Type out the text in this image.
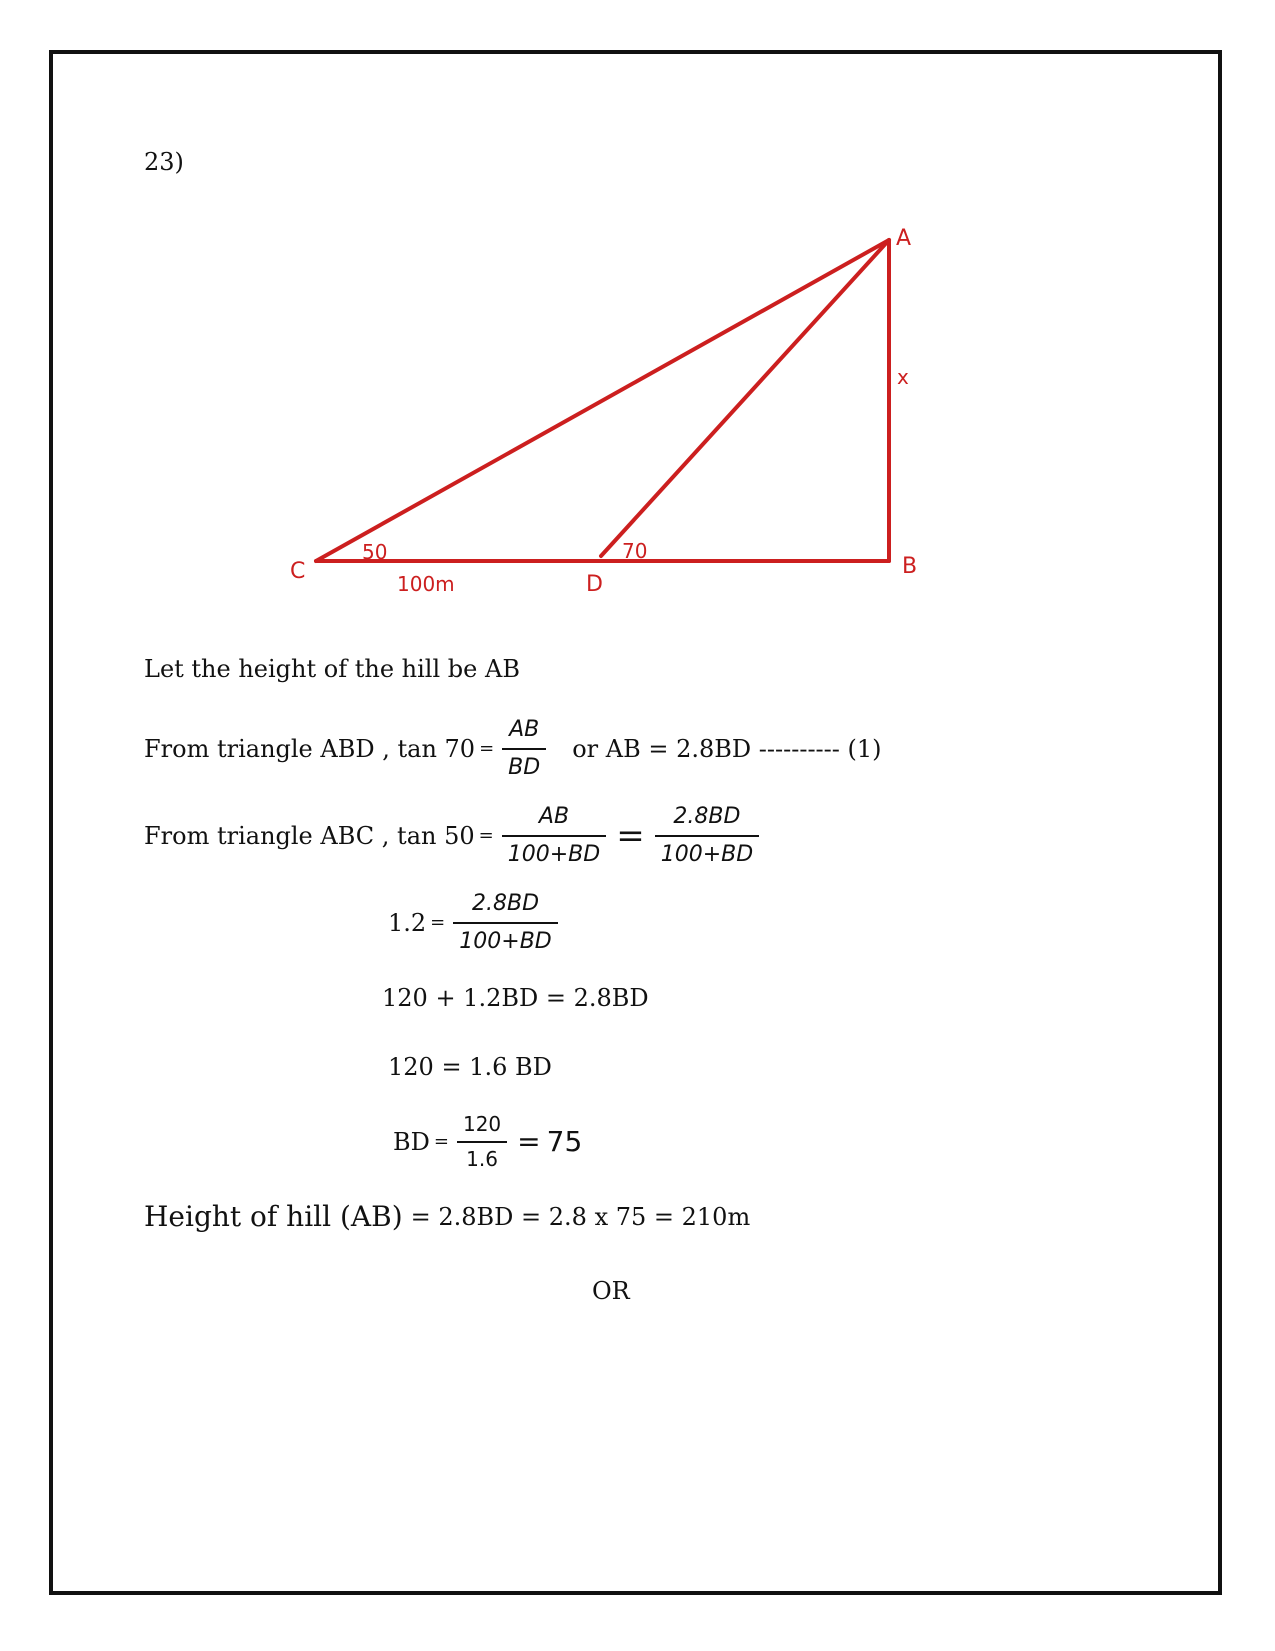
23)
A
B
C
D
x
50	70
100m
Let the height of the hill be AB
From triangle ABD , $\tan 70 = \frac{AB}{BD}$ or AB = 2.8BD ---------- (1)
From triangle ABC , $\tan 50 = \frac{AB}{100+BD} = \frac{2.8BD}{100+BD}$
$1.2 = \frac{2.8BD}{100+BD}$
120 + 1.2BD = 2.8BD
120 = 1.6 BD
BD = $\frac{120}{1.6} = 75$
Height of hill (AB) = 2.8BD = 2.8 x 75 = 210m
OR
